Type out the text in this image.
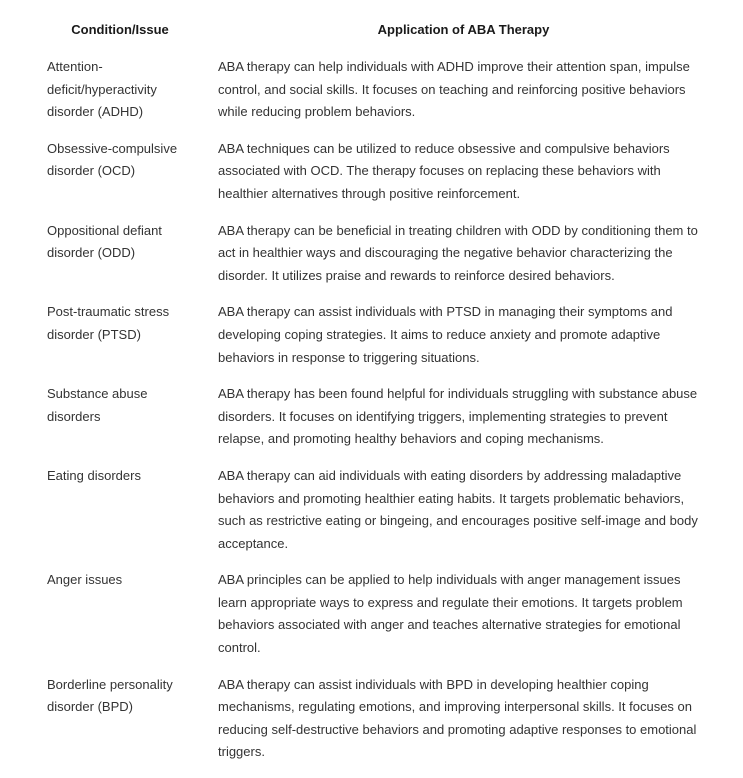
Condition/Issue	Application of ABA Therapy
Attention-deficit/hyperactivity disorder (ADHD)	ABA therapy can help individuals with ADHD improve their attention span, impulse control, and social skills. It focuses on teaching and reinforcing positive behaviors while reducing problem behaviors.
Obsessive-compulsive disorder (OCD)	ABA techniques can be utilized to reduce obsessive and compulsive behaviors associated with OCD. The therapy focuses on replacing these behaviors with healthier alternatives through positive reinforcement.
Oppositional defiant disorder (ODD)	ABA therapy can be beneficial in treating children with ODD by conditioning them to act in healthier ways and discouraging the negative behavior characterizing the disorder. It utilizes praise and rewards to reinforce desired behaviors.
Post-traumatic stress disorder (PTSD)	ABA therapy can assist individuals with PTSD in managing their symptoms and developing coping strategies. It aims to reduce anxiety and promote adaptive behaviors in response to triggering situations.
Substance abuse disorders	ABA therapy has been found helpful for individuals struggling with substance abuse disorders. It focuses on identifying triggers, implementing strategies to prevent relapse, and promoting healthy behaviors and coping mechanisms.
Eating disorders	ABA therapy can aid individuals with eating disorders by addressing maladaptive behaviors and promoting healthier eating habits. It targets problematic behaviors, such as restrictive eating or bingeing, and encourages positive self-image and body acceptance.
Anger issues	ABA principles can be applied to help individuals with anger management issues learn appropriate ways to express and regulate their emotions. It targets problem behaviors associated with anger and teaches alternative strategies for emotional control.
Borderline personality disorder (BPD)	ABA therapy can assist individuals with BPD in developing healthier coping mechanisms, regulating emotions, and improving interpersonal skills. It focuses on reducing self-destructive behaviors and promoting adaptive responses to emotional triggers.
